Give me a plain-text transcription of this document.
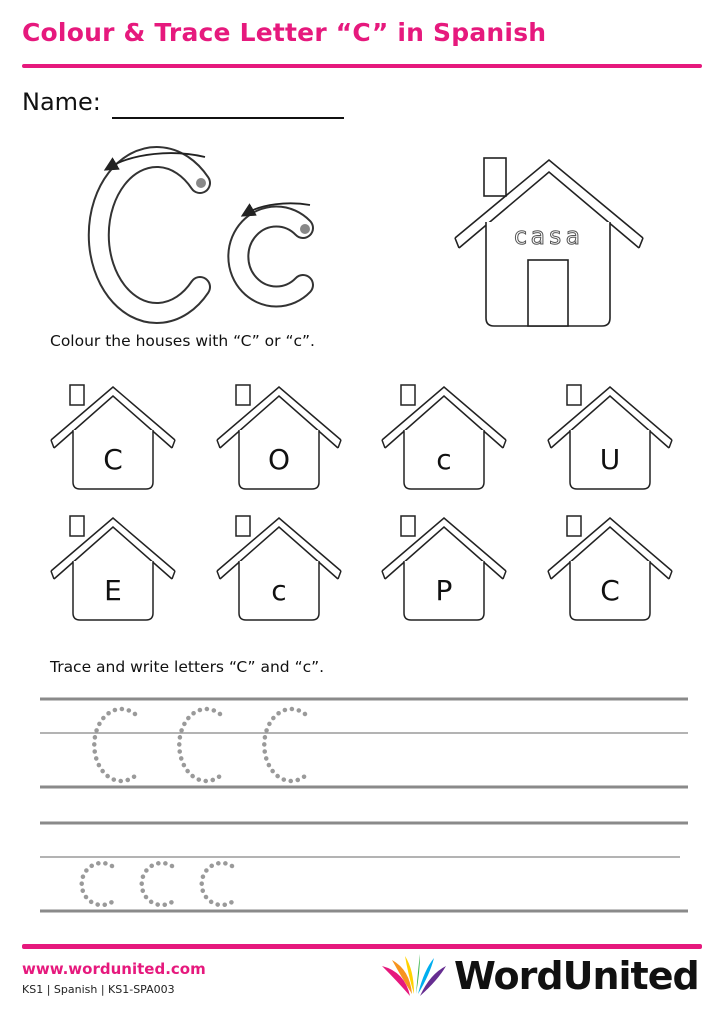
Colour & Trace Letter “C” in Spanish
Name:
casa
C	O	c	U
E	c	P	C
Colour the houses with “C” or “c”.
Trace and write letters “C” and “c”.
www.wordunited.com
KS1 | Spanish | KS1-SPA003	WordUnited
